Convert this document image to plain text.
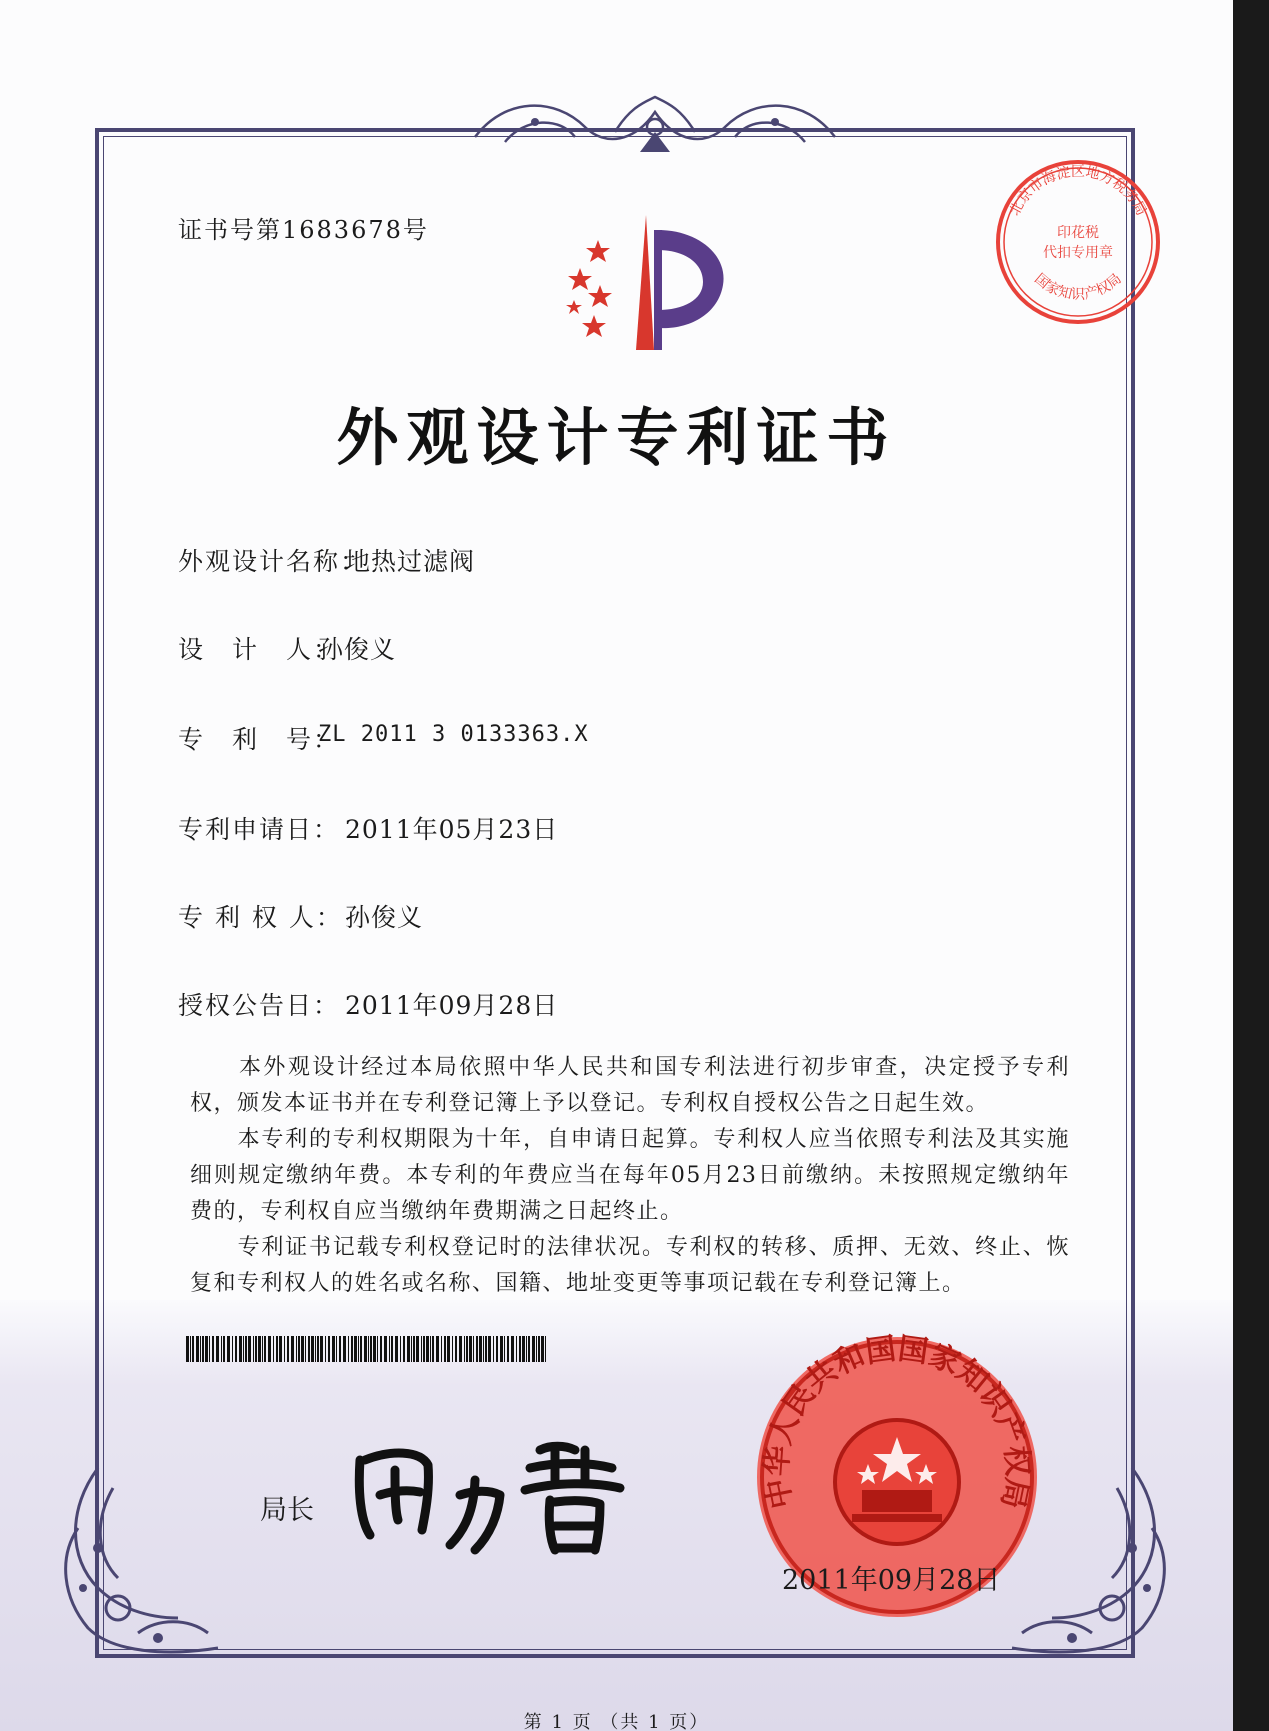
证书号第1683678号
外观设计专利证书
外观设计名称：
地热过滤阀
设　计　人：
孙俊义
专　利　号：
ZL 2011 3 0133363.X
专利申请日： 2011年05月23日
专 利 权 人： 孙俊义
授权公告日： 2011年09月28日
　　本外观设计经过本局依照中华人民共和国专利法进行初步审查，决定授予专利权，颁发本证书并在专利登记簿上予以登记。专利权自授权公告之日起生效。
　　本专利的专利权期限为十年，自申请日起算。专利权人应当依照专利法及其实施细则规定缴纳年费。本专利的年费应当在每年05月23日前缴纳。未按照规定缴纳年费的，专利权自应当缴纳年费期满之日起终止。
　　专利证书记载专利权登记时的法律状况。专利权的转移、质押、无效、终止、恢复和专利权人的姓名或名称、国籍、地址变更等事项记载在专利登记簿上。
局长	中华人民共和国国家知识产权局
2011年09月28日
北京市海淀区地方税务局
印花税
代扣专用章
国家知识产权局
第 1 页 （共 1 页）
